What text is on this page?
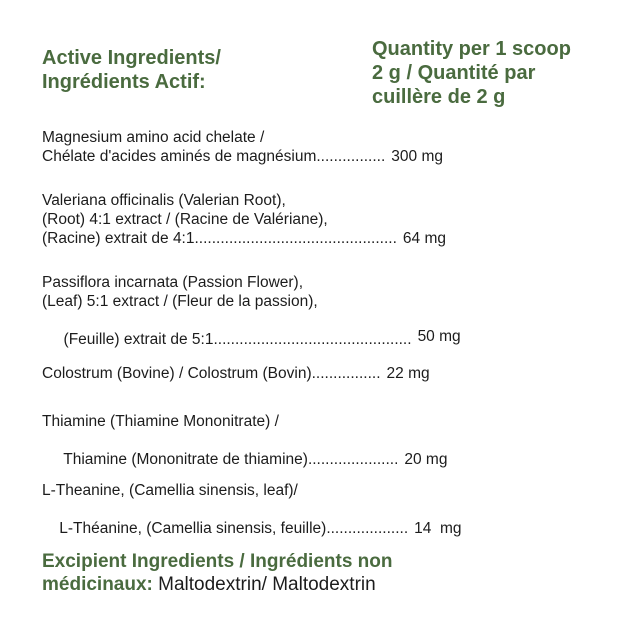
Active Ingredients/
Ingrédients Actif:
Quantity per 1 scoop
2 g / Quantité par
cuillère de 2 g
Magnesium amino acid chelate /
Chélate d'acides aminés de magnésium................ 300 mg
Valeriana officinalis (Valerian Root),
(Root) 4:1 extract / (Racine de Valériane),
(Racine) extrait de 4:1............................................... 64 mg
Passiflora incarnata (Passion Flower),
(Leaf) 5:1 extract / (Fleur de la passion),

(Feuille) extrait de 5:1.............................................. 50 mg

Colostrum (Bovine) / Colostrum (Bovin)................ 22 mg
Thiamine (Thiamine Mononitrate) /

Thiamine (Mononitrate de thiamine)..................... 20 mg

L-Theanine, (Camellia sinensis, leaf)/

L-Théanine, (Camellia sinensis, feuille)................... 14  mg

Excipient Ingredients / Ingrédients non
médicinaux: Maltodextrin/ Maltodextrin
